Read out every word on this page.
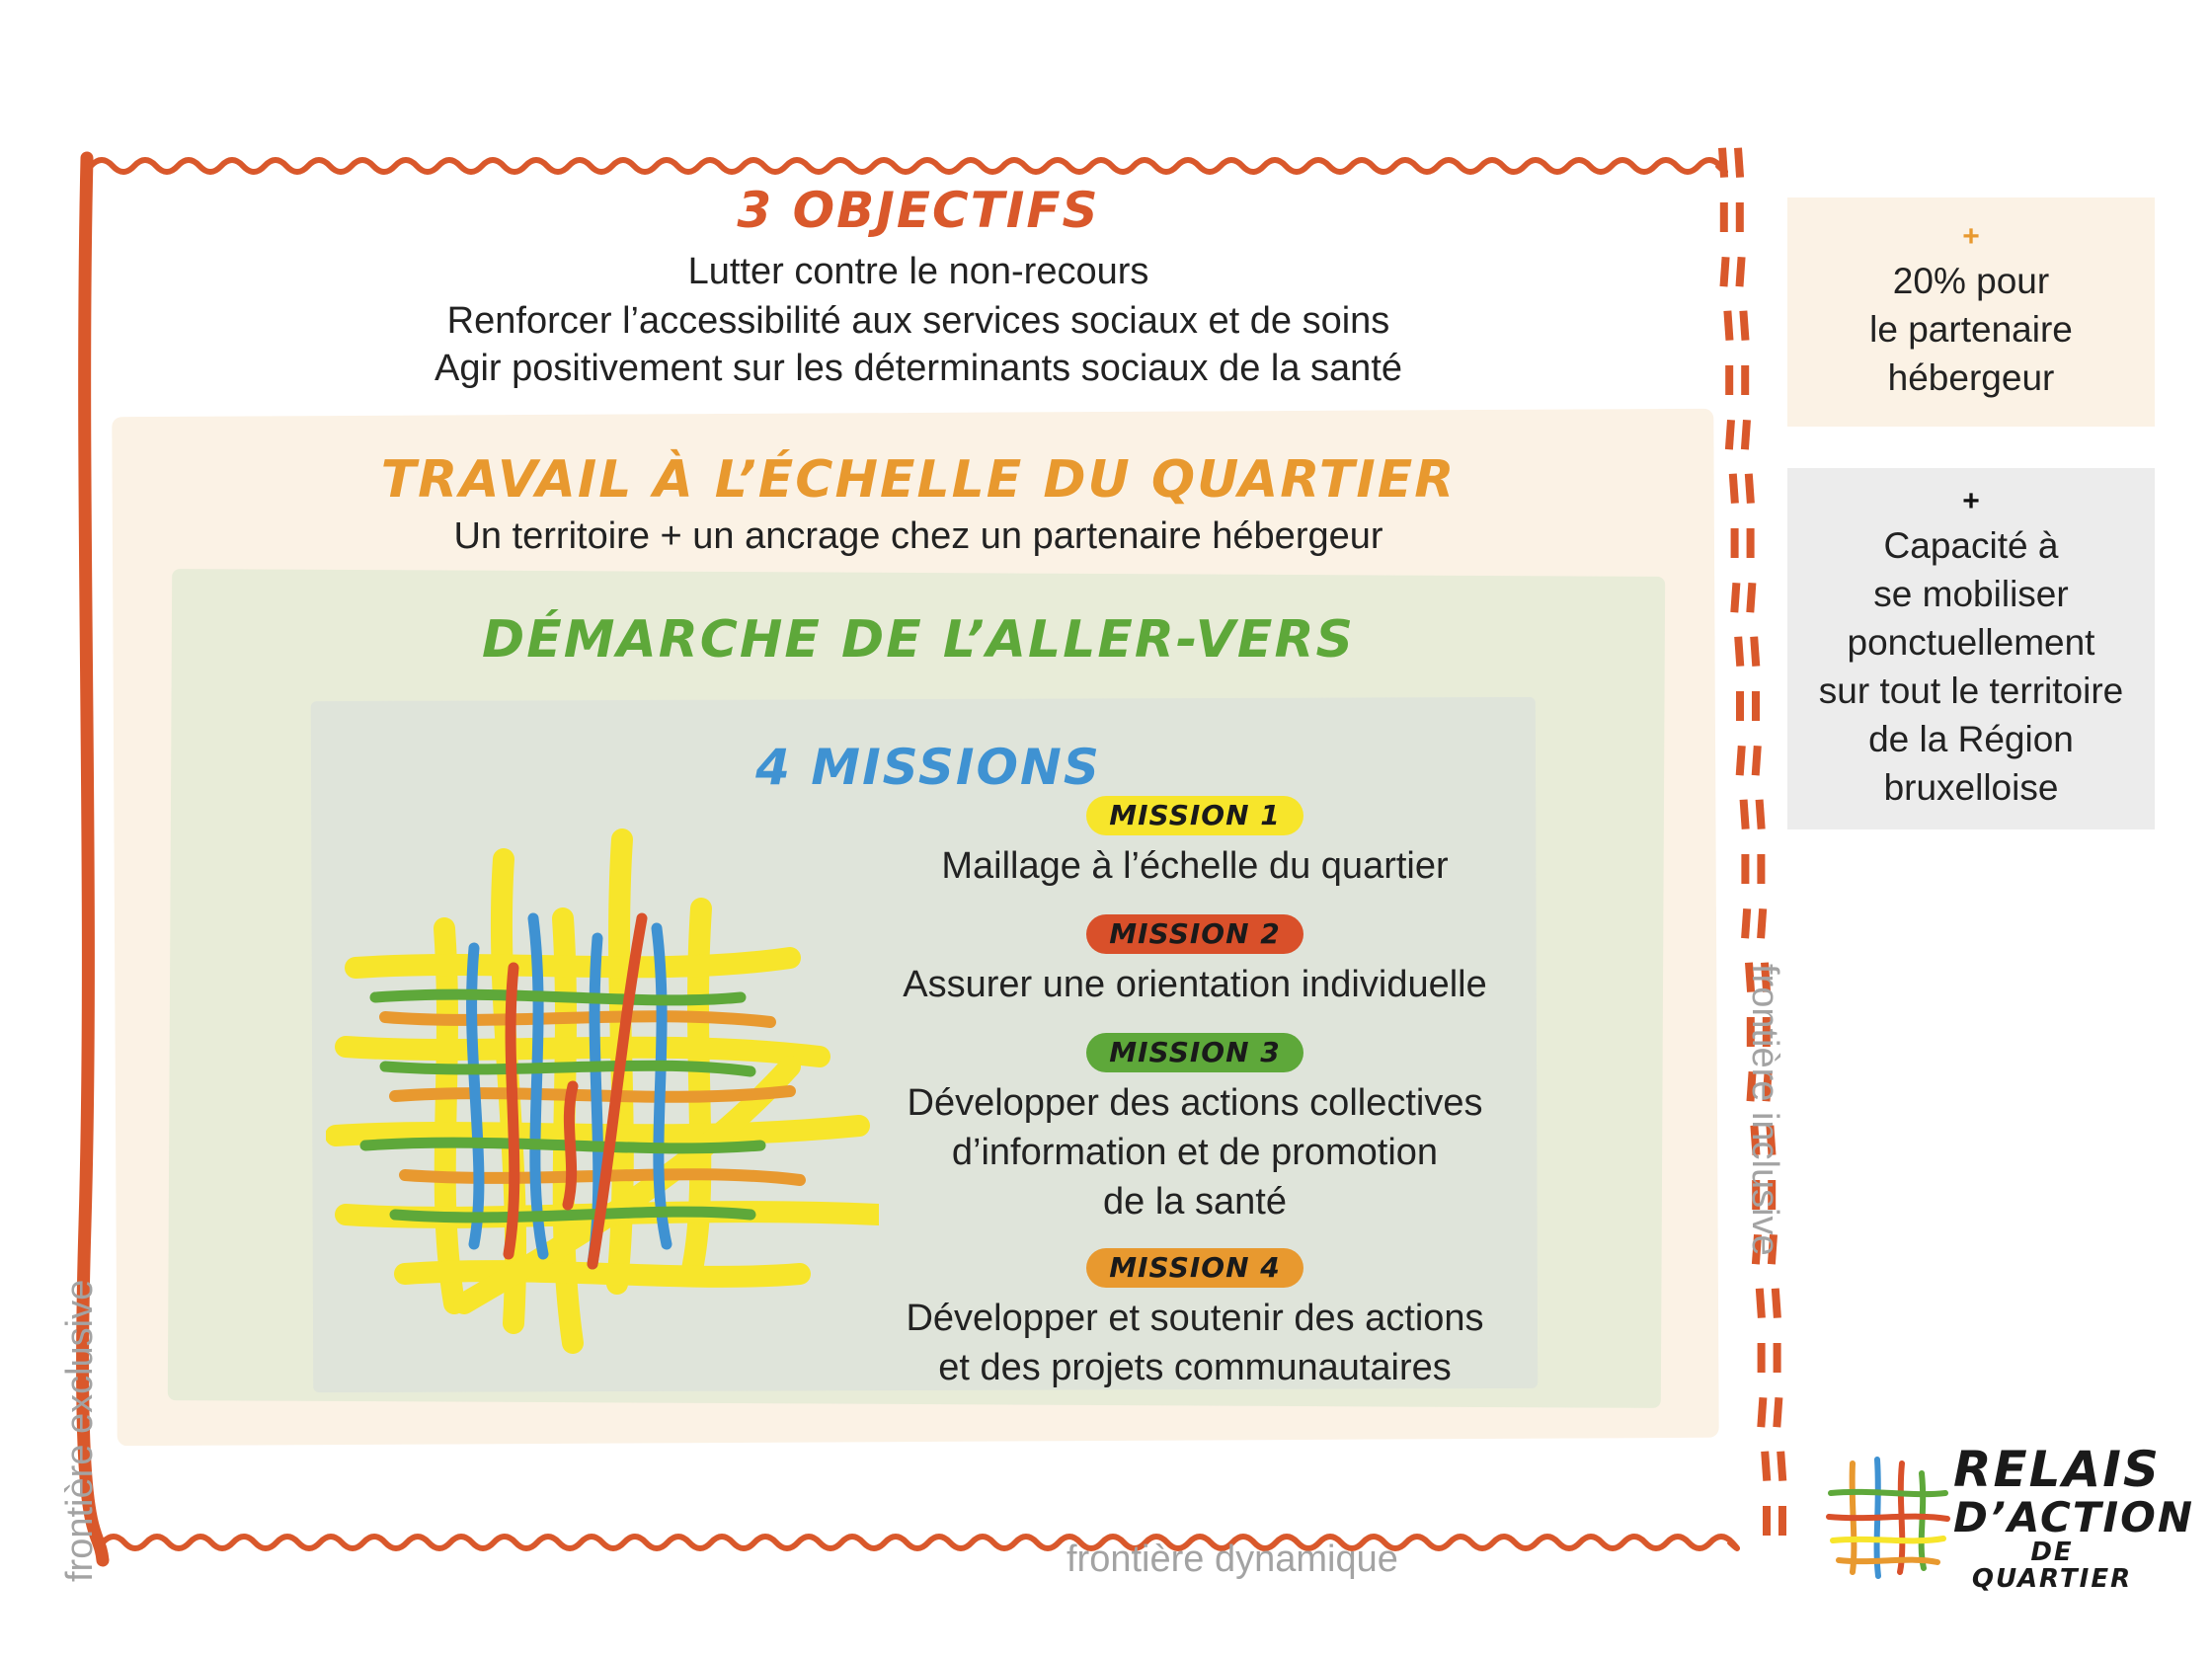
3 OBJECTIFS
Lutter contre le non-recours
Renforcer l’accessibilité aux services sociaux et de soins
Agir positivement sur les déterminants sociaux de la santé
TRAVAIL À L’ÉCHELLE DU QUARTIER
Un territoire + un ancrage chez un partenaire hébergeur
DÉMARCHE DE L’ALLER-VERS
4 MISSIONS
MISSION 1
Maillage à l’échelle du quartier
MISSION 2
Assurer une orientation individuelle
MISSION 3
Développer des actions collectives
d’information et de promotion
de la santé
MISSION 4
Développer et soutenir des actions
et des projets communautaires
+
20% pour
le partenaire
hébergeur
+
Capacité à
se mobiliser
ponctuellement
sur tout le territoire
de la Région
bruxelloise
frontière exclusive	frontière dynamique
frontière inclusive
RELAIS
D’ACTION
DE QUARTIER
